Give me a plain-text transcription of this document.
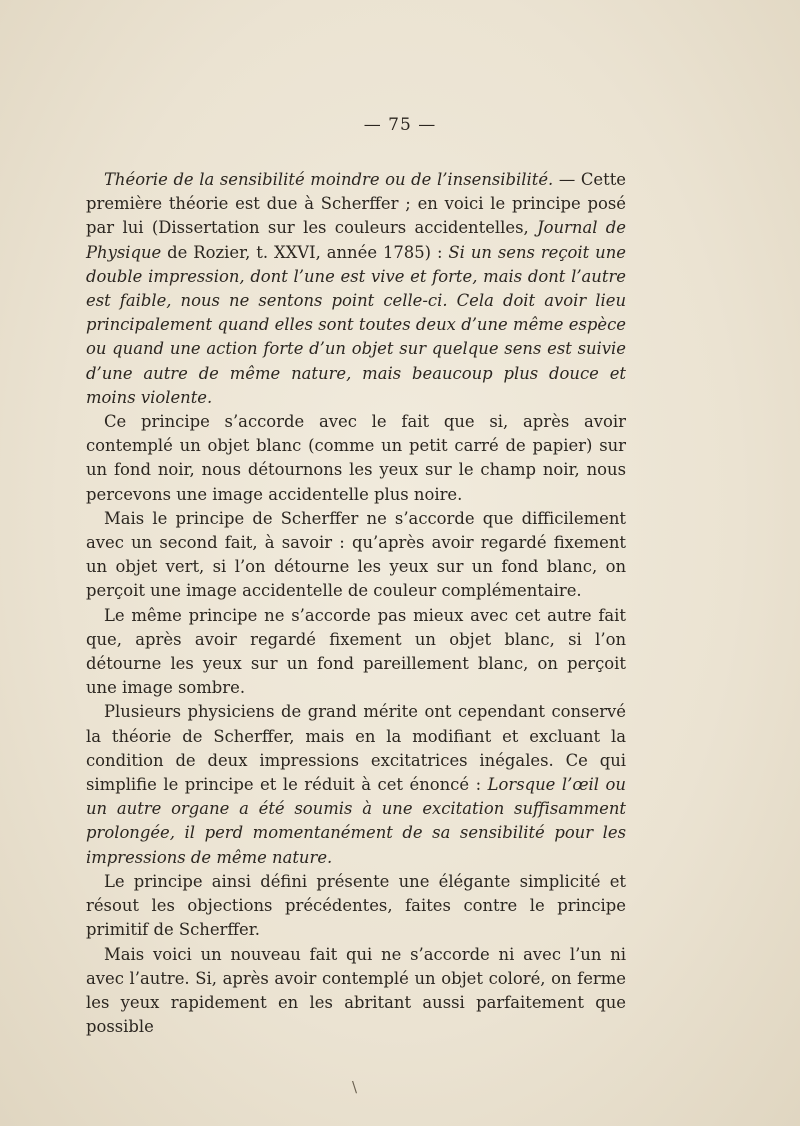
— 75 —

Théorie de la sensibilité moindre ou de l’insensibilité. — Cette première théorie est due à Scherffer ; en voici le principe posé par lui (Dissertation sur les couleurs accidentelles, Journal de Physique de Rozier, t. XXVI, année 1785) : Si un sens reçoit une double impression, dont l’une est vive et forte, mais dont l’autre est faible, nous ne sentons point celle-ci. Cela doit avoir lieu principalement quand elles sont toutes deux d’une même espèce ou quand une action forte d’un objet sur quelque sens est suivie d’une autre de même nature, mais beaucoup plus douce et moins violente.

Ce principe s’accorde avec le fait que si, après avoir contemplé un objet blanc (comme un petit carré de papier) sur un fond noir, nous détournons les yeux sur le champ noir, nous percevons une image accidentelle plus noire.

Mais le principe de Scherffer ne s’accorde que difficilement avec un second fait, à savoir : qu’après avoir regardé fixement un objet vert, si l’on détourne les yeux sur un fond blanc, on perçoit une image accidentelle de couleur complémentaire.

Le même principe ne s’accorde pas mieux avec cet autre fait que, après avoir regardé fixement un objet blanc, si l’on détourne les yeux sur un fond pareillement blanc, on perçoit une image sombre.

Plusieurs physiciens de grand mérite ont cependant conservé la théorie de Scherffer, mais en la modifiant et excluant la condition de deux impressions excitatrices inégales. Ce qui simplifie le principe et le réduit à cet énoncé : Lorsque l’œil ou un autre organe a été soumis à une excitation suffisamment prolongée, il perd momentanément de sa sensibilité pour les impressions de même nature.

Le principe ainsi défini présente une élégante simplicité et résout les objections précédentes, faites contre le principe primitif de Scherffer.

Mais voici un nouveau fait qui ne s’accorde ni avec l’un ni avec l’autre. Si, après avoir contemplé un objet coloré, on ferme les yeux rapidement en les abritant aussi parfaitement que possible

\
